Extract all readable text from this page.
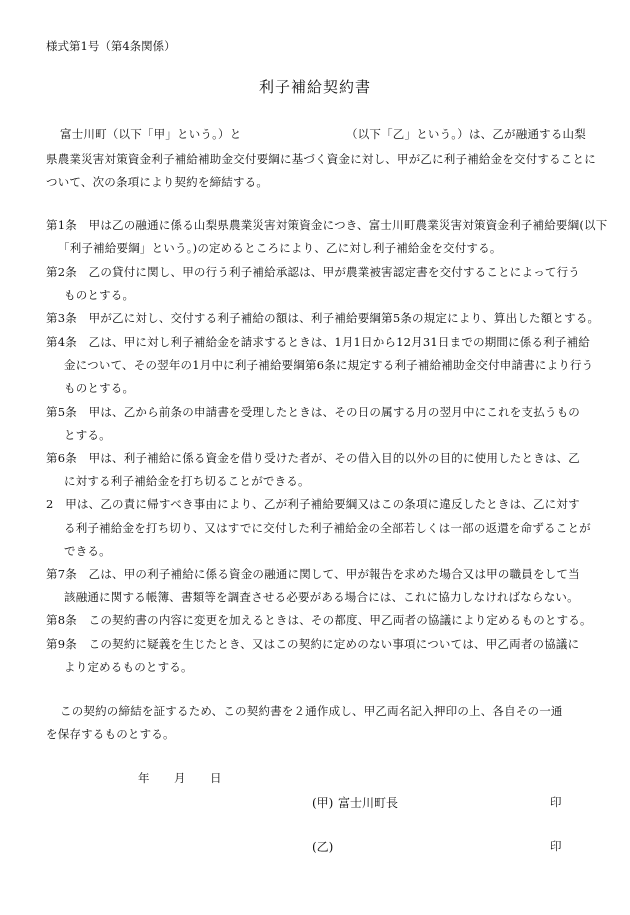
様式第1号（第4条関係）
利子補給契約書
富士川町（以下「甲」という。）と	（以下「乙」という。）は、乙が融通する山梨
県農業災害対策資金利子補給補助金交付要綱に基づく資金に対し、甲が乙に利子補給金を交付することに
ついて、次の条項により契約を締結する。
第1条　甲は乙の融通に係る山梨県農業災害対策資金につき、富士川町農業災害対策資金利子補給要綱(以下
「利子補給要綱」という。)の定めるところにより、乙に対し利子補給金を交付する。
第2条　乙の貸付に関し、甲の行う利子補給承認は、甲が農業被害認定書を交付することによって行う
ものとする。
第3条　甲が乙に対し、交付する利子補給の額は、利子補給要綱第5条の規定により、算出した額とする。
第4条　乙は、甲に対し利子補給金を請求するときは、1月1日から12月31日までの期間に係る利子補給
金について、その翌年の1月中に利子補給要綱第6条に規定する利子補給補助金交付申請書により行う
ものとする。
第5条　甲は、乙から前条の申請書を受理したときは、その日の属する月の翌月中にこれを支払うもの
とする。
第6条　甲は、利子補給に係る資金を借り受けた者が、その借入目的以外の目的に使用したときは、乙
に対する利子補給金を打ち切ることができる。
2　甲は、乙の責に帰すべき事由により、乙が利子補給要綱又はこの条項に違反したときは、乙に対す
る利子補給金を打ち切り、又はすでに交付した利子補給金の全部若しくは一部の返還を命ずることが
できる。
第7条　乙は、甲の利子補給に係る資金の融通に関して、甲が報告を求めた場合又は甲の職員をして当
該融通に関する帳簿、書類等を調査させる必要がある場合には、これに協力しなければならない。
第8条　この契約書の内容に変更を加えるときは、その都度、甲乙両者の協議により定めるものとする。
第9条　この契約に疑義を生じたとき、又はこの契約に定めのない事項については、甲乙両者の協議に
より定めるものとする。
この契約の締結を証するため、この契約書を２通作成し、甲乙両名記入押印の上、各自その一通
を保存するものとする。
年 月 日
(甲) 富士川町長	印
(乙)	印
